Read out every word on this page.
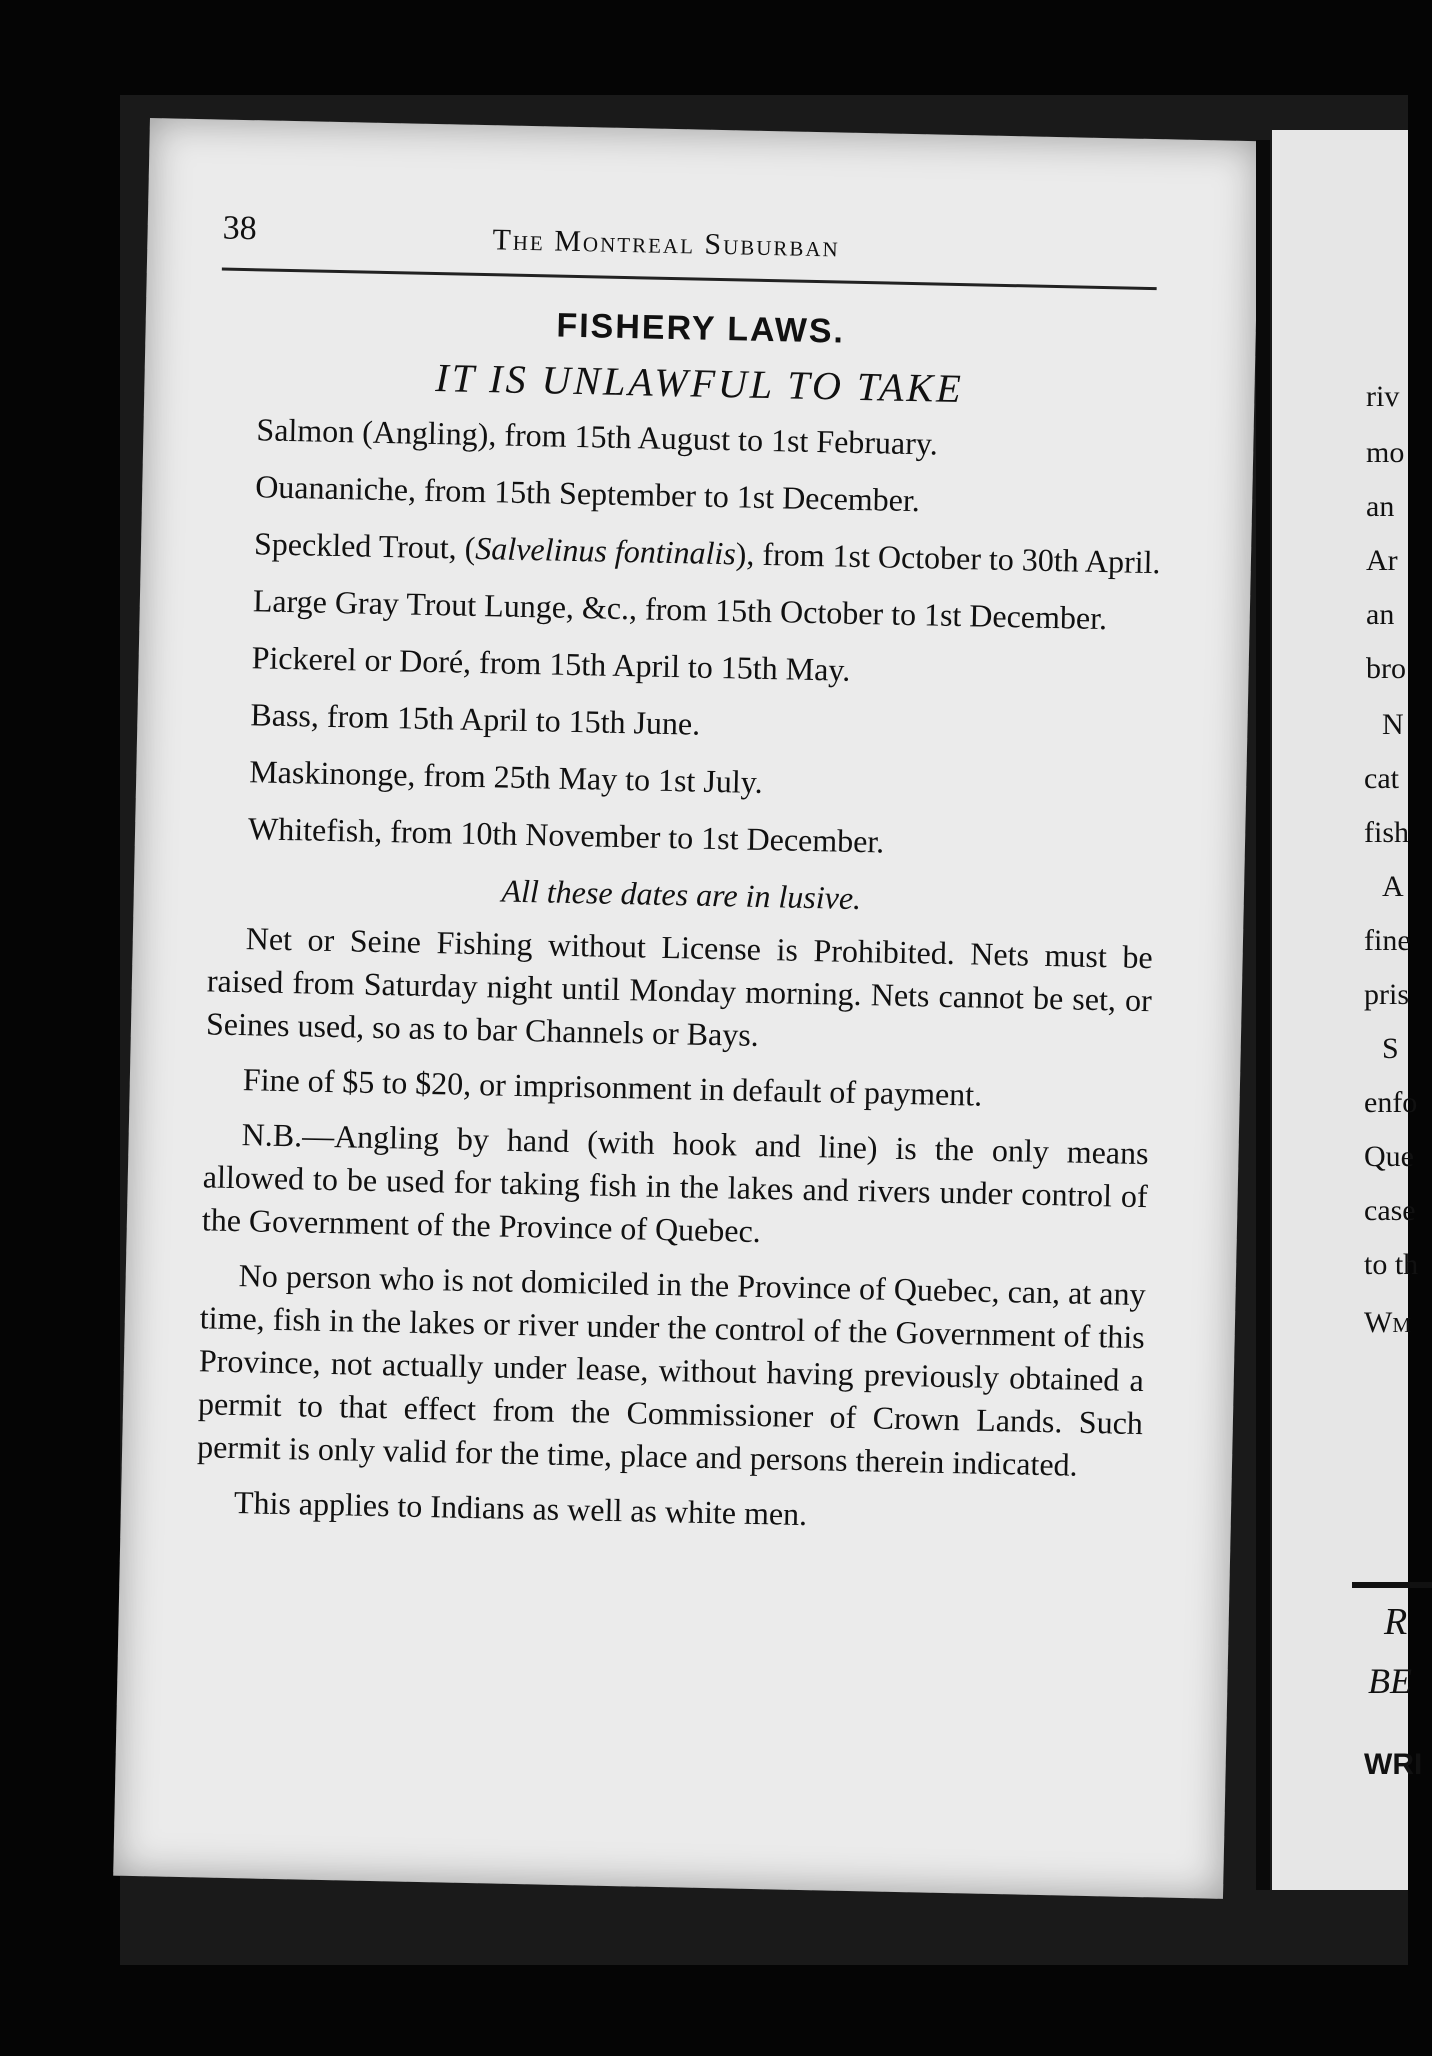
38	The Montreal Suburban
FISHERY LAWS.
IT IS UNLAWFUL TO TAKE

Salmon (Angling), from 15th August to 1st February.

Ouananiche, from 15th September to 1st December.

Speckled Trout, (Salvelinus fontinalis), from 1st October to 30th April.

Large Gray Trout Lunge, &c., from 15th October to 1st December.

Pickerel or Doré, from 15th April to 15th May.

Bass, from 15th April to 15th June.

Maskinonge, from 25th May to 1st July.

Whitefish, from 10th November to 1st December.

All these dates are in lusive.

Net or Seine Fishing without License is Prohibited. Nets must be raised from Saturday night until Monday morning. Nets cannot be set, or Seines used, so as to bar Channels or Bays.

Fine of $5 to $20, or imprisonment in default of payment.

N.B.—Angling by hand (with hook and line) is the only means allowed to be used for taking fish in the lakes and rivers under control of the Government of the Province of Quebec.

No person who is not domiciled in the Province of Quebec, can, at any time, fish in the lakes or river under the control of the Government of this Province, not actually under lease, without having previously obtained a permit to that effect from the Commissioner of Crown Lands. Such permit is only valid for the time, place and persons therein indicated.

This applies to Indians as well as white men.

riv
mo
an
Ar
an
bro
N
cat
fish
A
fine
pris
S
enfo
Que
case
to th
Wm
R
BE
WRI
